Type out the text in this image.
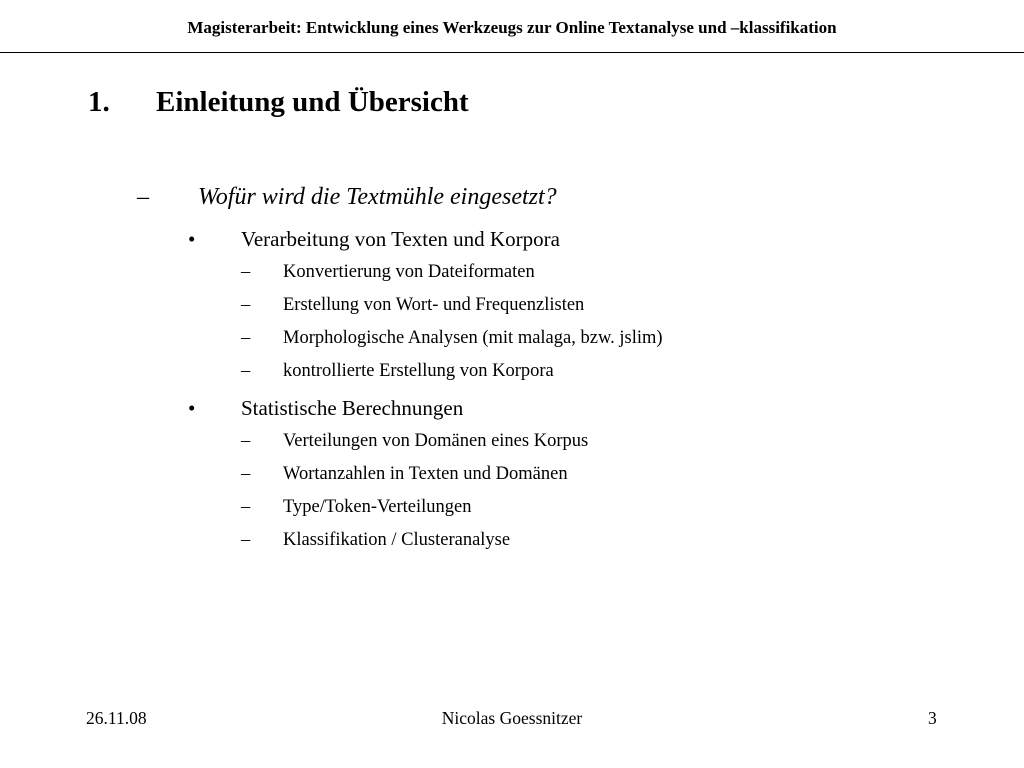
Magisterarbeit: Entwicklung eines Werkzeugs zur Online Textanalyse und –klassifikation
1. Einleitung und Übersicht
– Wofür wird die Textmühle eingesetzt?
• Verarbeitung von Texten und Korpora
– Konvertierung von Dateiformaten
– Erstellung von Wort- und Frequenzlisten
– Morphologische Analysen (mit malaga, bzw. jslim)
– kontrollierte Erstellung von Korpora
• Statistische Berechnungen
– Verteilungen von Domänen eines Korpus
– Wortanzahlen in Texten und Domänen
– Type/Token-Verteilungen
– Klassifikation / Clusteranalyse
26.11.08	Nicolas Goessnitzer	3
